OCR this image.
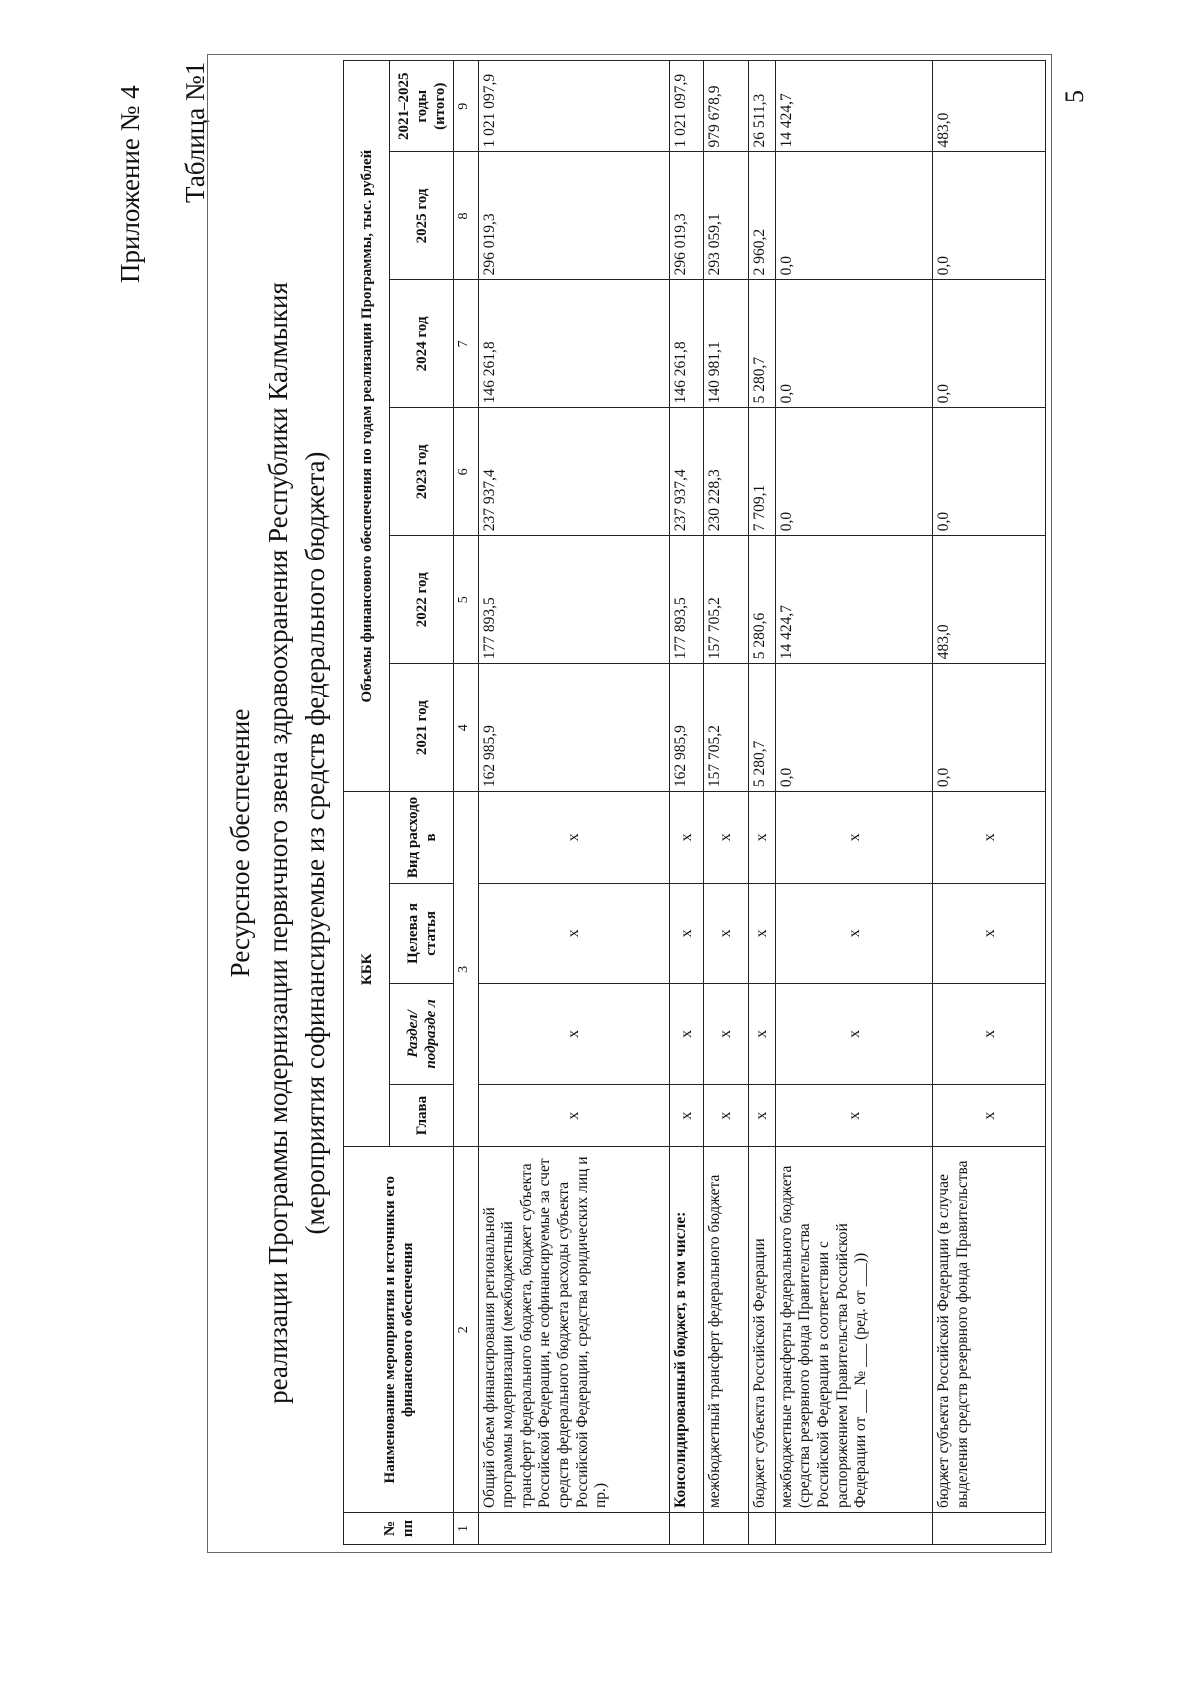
Приложение № 4 Таблица №1	5
Ресурсное обеспечение реализации Программы модернизации первичного звена здравоохранения Республики Калмыкия (мероприятия софинансируемые из средств федерального бюджета)
№ пп	Наименование мероприятия и источники его финансового обеспечения	КБК				Объемы финансового обеспечения по годам реализации Программы, тыс. рублей					
		Глава	Раздел/ подразде л	Целева я статья	Вид расходо в	2021 год	2022 год	2023 год	2024 год	2025 год	2021–2025 годы (итого)
1	2	3				4	5	6	7	8	9
	Общий объем финансирования региональной программы модернизации (межбюджетный трансферт федерального бюджета, бюджет субъекта Российской Федерации, не софинансируемые за счет средств федерального бюджета расходы субъекта Российской Федерации, средства юридических лиц и пр.)	x	x	x	x	162 985,9	177 893,5	237 937,4	146 261,8	296 019,3	1 021 097,9
	Консолидированный бюджет, в том числе:	x	x	x	x	162 985,9	177 893,5	237 937,4	146 261,8	296 019,3	1 021 097,9
	межбюджетный трансферт федерального бюджета	x	x	x	x	157 705,2	157 705,2	230 228,3	140 981,1	293 059,1	979 678,9
	бюджет субъекта Российской Федерации	x	x	x	x	5 280,7	5 280,6	7 709,1	5 280,7	2 960,2	26 511,3
	межбюджетные трансферты федерального бюджета (средства резервного фонда Правительства Российской Федерации в соответствии с распоряжением Правительства Российской Федерации от ___ № ___ (ред. от ___))	x	x	x	x	0,0	14 424,7	0,0	0,0	0,0	14 424,7
	бюджет субъекта Российской Федерации (в случае выделения средств резервного фонда Правительства	x	x	x	x	0,0	483,0	0,0	0,0	0,0	483,0
